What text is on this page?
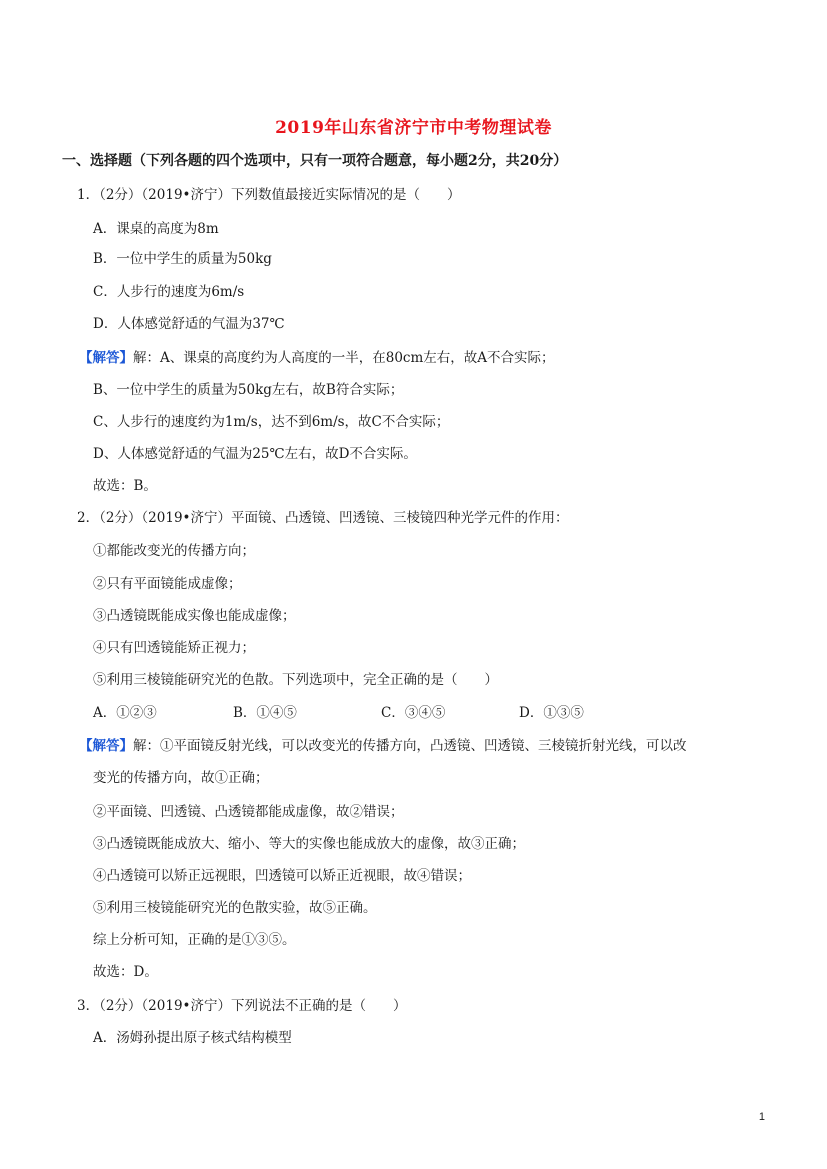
2019年山东省济宁市中考物理试卷
一、选择题（下列各题的四个选项中，只有一项符合题意，每小题2分，共20分）
1．（2分）（2019•济宁）下列数值最接近实际情况的是（　　）
A．课桌的高度为8m
B．一位中学生的质量为50kg
C．人步行的速度为6m/s
D．人体感觉舒适的气温为37℃
【解答】解：A、课桌的高度约为人高度的一半，在80cm左右，故A不合实际；
B、一位中学生的质量为50kg左右，故B符合实际；
C、人步行的速度约为1m/s，达不到6m/s，故C不合实际；
D、人体感觉舒适的气温为25℃左右，故D不合实际。
故选：B。
2．（2分）（2019•济宁）平面镜、凸透镜、凹透镜、三棱镜四种光学元件的作用：
①都能改变光的传播方向；
②只有平面镜能成虚像；
③凸透镜既能成实像也能成虚像；
④只有凹透镜能矫正视力；
⑤利用三棱镜能研究光的色散。下列选项中，完全正确的是（　　）
A．①②③	B．①④⑤	C．③④⑤	D．①③⑤
【解答】解：①平面镜反射光线，可以改变光的传播方向，凸透镜、凹透镜、三棱镜折射光线，可以改
变光的传播方向，故①正确；
②平面镜、凹透镜、凸透镜都能成虚像，故②错误；
③凸透镜既能成放大、缩小、等大的实像也能成放大的虚像，故③正确；
④凸透镜可以矫正远视眼，凹透镜可以矫正近视眼，故④错误；
⑤利用三棱镜能研究光的色散实验，故⑤正确。
综上分析可知，正确的是①③⑤。
故选：D。
3．（2分）（2019•济宁）下列说法不正确的是（　　）
A．汤姆孙提出原子核式结构模型
1
